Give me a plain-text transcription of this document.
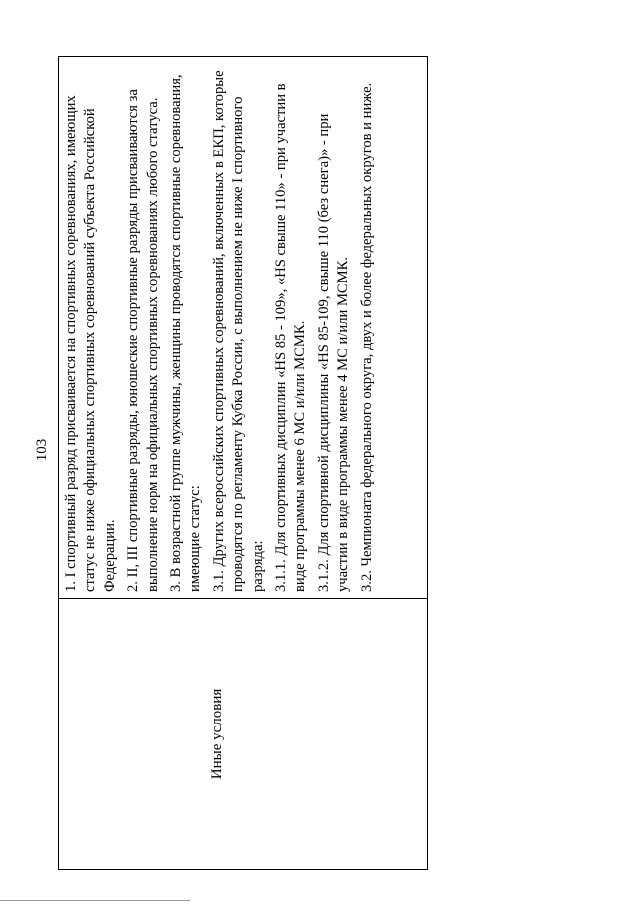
103
Иные условия

1. I спортивный разряд присваивается на спортивных соревнованиях, имеющих статус не ниже официальных спортивных соревнований субъекта Российской Федерации. 2. II, III спортивные разряды, юношеские спортивные разряды присваиваются за выполнение норм на официальных спортивных соревнованиях любого статуса. 3. В возрастной группе мужчины, женщины проводятся спортивные соревнования, имеющие статус: 3.1. Других всероссийских спортивных соревнований, включенных в ЕКП, которые проводятся по регламенту Кубка России, с выполнением не ниже I спортивного разряда: 3.1.1. Для спортивных дисциплин «HS 85 - 109», «HS свыше 110» - при участии в виде программы менее 6 МС и/или МСМК. 3.1.2. Для спортивной дисциплины «HS 85-109, свыше 110 (без снега)» - при участии в виде программы менее 4 МС и/или МСМК. 3.2. Чемпионата федерального округа, двух и более федеральных округов и ниже.
